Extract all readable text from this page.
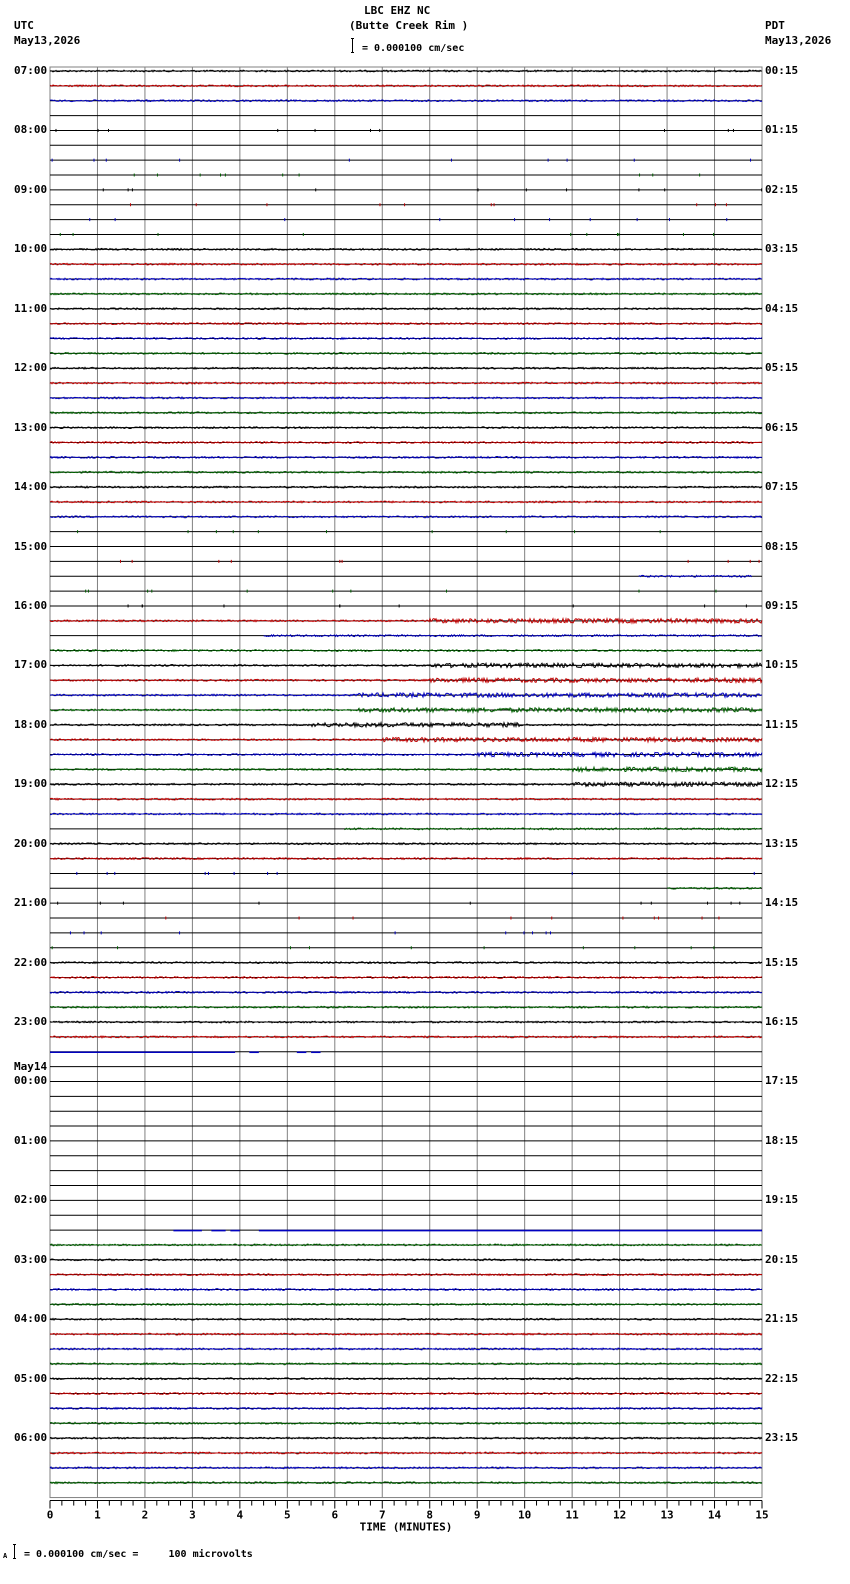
0	1	2	3	4	5	6	7	8	9	10	11	12	13	14	15
TIME (MINUTES)
LBC EHZ NC
(Butte Creek Rim )
= 0.000100 cm/sec
UTC
May13,2026
PDT
May13,2026
A = 0.000100 cm/sec =     100 microvolts
07:00
08:00
09:00
10:00
11:00
12:00
13:00
14:00
15:00
16:00
17:00
18:00
19:00
20:00
21:00
22:00
23:00
00:00
01:00
02:00
03:00
04:00
05:00
06:00
00:15
01:15
02:15
03:15
04:15
05:15
06:15
07:15
08:15
09:15
10:15
11:15
12:15
13:15
14:15
15:15
16:15
17:15
18:15
19:15
20:15
21:15
22:15
23:15
May14
